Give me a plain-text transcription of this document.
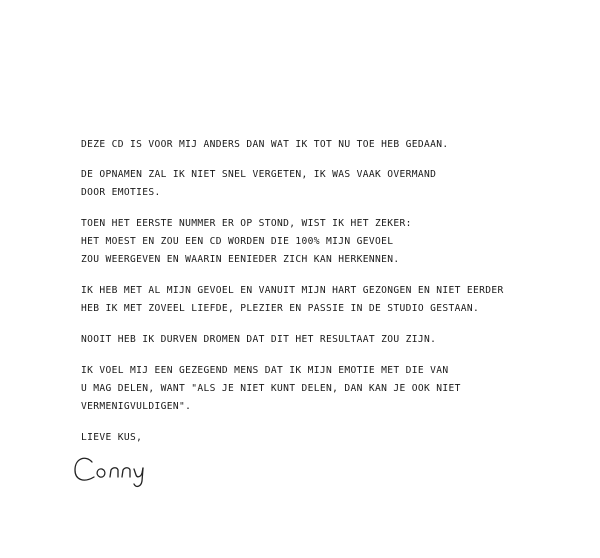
DEZE CD IS VOOR MIJ ANDERS DAN WAT IK TOT NU TOE HEB GEDAAN.
DE OPNAMEN ZAL IK NIET SNEL VERGETEN, IK WAS VAAK OVERMAND
DOOR EMOTIES.
TOEN HET EERSTE NUMMER ER OP STOND, WIST IK HET ZEKER:
HET MOEST EN ZOU EEN CD WORDEN DIE 100% MIJN GEVOEL
ZOU WEERGEVEN EN WAARIN EENIEDER ZICH KAN HERKENNEN.
IK HEB MET AL MIJN GEVOEL EN VANUIT MIJN HART GEZONGEN EN NIET EERDER
HEB IK MET ZOVEEL LIEFDE, PLEZIER EN PASSIE IN DE STUDIO GESTAAN.
NOOIT HEB IK DURVEN DROMEN DAT DIT HET RESULTAAT ZOU ZIJN.
IK VOEL MIJ EEN GEZEGEND MENS DAT IK MIJN EMOTIE MET DIE VAN
U MAG DELEN, WANT "ALS JE NIET KUNT DELEN, DAN KAN JE OOK NIET
VERMENIGVULDIGEN".
LIEVE KUS,
